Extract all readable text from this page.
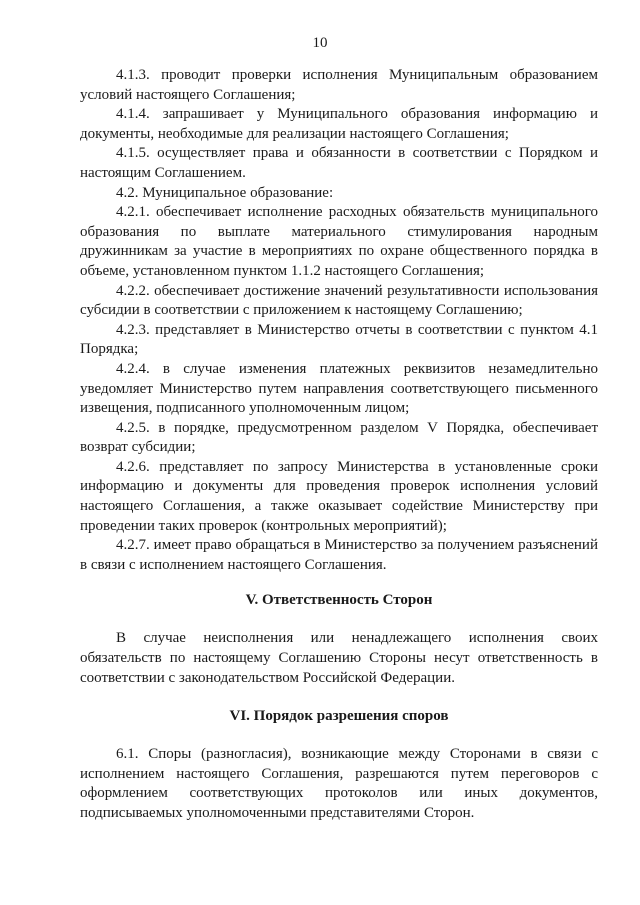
10

4.1.3. проводит проверки исполнения Муниципальным образованием условий настоящего Соглашения;

4.1.4. запрашивает у Муниципального образования информацию и документы, необходимые для реализации настоящего Соглашения;

4.1.5. осуществляет права и обязанности в соответствии с Порядком и настоящим Соглашением.

4.2. Муниципальное образование:

4.2.1. обеспечивает исполнение расходных обязательств муниципального образования по выплате материального стимулирования народным дружинникам за участие в мероприятиях по охране общественного порядка в объеме, установленном пунктом 1.1.2 настоящего Соглашения;

4.2.2. обеспечивает достижение значений результативности использования субсидии в соответствии с приложением к настоящему Соглашению;

4.2.3. представляет в Министерство отчеты в соответствии с пунктом 4.1 Порядка;

4.2.4. в случае изменения платежных реквизитов незамедлительно уведомляет Министерство путем направления соответствующего письменного извещения, подписанного уполномоченным лицом;

4.2.5. в порядке, предусмотренном разделом V Порядка, обеспечивает возврат субсидии;

4.2.6. представляет по запросу Министерства в установленные сроки информацию и документы для проведения проверок исполнения условий настоящего Соглашения, а также оказывает содействие Министерству при проведении таких проверок (контрольных мероприятий);

4.2.7. имеет право обращаться в Министерство за получением разъяснений в связи с исполнением настоящего Соглашения.

V. Ответственность Сторон

В случае неисполнения или ненадлежащего исполнения своих обязательств по настоящему Соглашению Стороны несут ответственность в соответствии с законодательством Российской Федерации.

VI. Порядок разрешения споров

6.1. Споры (разногласия), возникающие между Сторонами в связи с исполнением настоящего Соглашения, разрешаются путем переговоров с оформлением соответствующих протоколов или иных документов, подписываемых уполномоченными представителями Сторон.
